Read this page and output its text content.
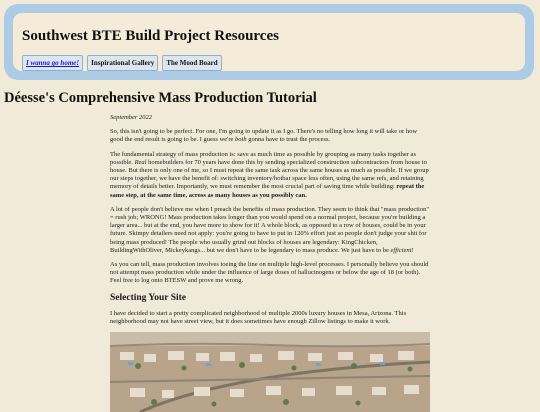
Southwest BTE Build Project Resources
I wanna go home!	Inspirational Gallery	The Mood Board
Déesse's Comprehensive Mass Production Tutorial

September 2022

So, this isn't going to be perfect. For one, I'm going to update it as I go. There's no telling how long it will take or how good the end result is going to be. I guess we're both gonna have to trust the process.

The fundamental strategy of mass production is: save as much time as possible by grouping as many tasks together as possible. Real homebuilders for 70 years have done this by sending specialized construction subcontractors from house to house. But there is only one of me, so I must repeat the same task across the same houses as much as possible. If we group our steps together, we have the benefit of: switching inventory/hotbar space less often, using the same refs, and retaining memory of details better. Importantly, we must remember the most crucial part of saving time while building: repeat the same step, at the same time, across as many houses as you possibly can.

A lot of people don't believe me when I preach the benefits of mass production. They seem to think that "mass production" = rush job; WRONG! Mass production takes longer than you would spend on a normal project, because you're building a larger area... but at the end, you have more to show for it! A whole block, as opposed to a row of houses, could be in your future. Skimpy detailers need not apply: you're going to have to put in 120% effort just so people don't judge your shit for being mass produced! The people who usually grind out blocks of houses are legendary: KingChicken, BuildingWithOliver, Mickeykangs... but we don't have to be legendary to mass produce. We just have to be efficient!

As you can tell, mass production involves toeing the line on multiple high-level processes. I personally believe you should not attempt mass production while under the influence of large doses of hallucinogens or below the age of 18 (or both). Feel free to log onto BTESW and prove me wrong.

Selecting Your Site

I have decided to start a pretty complicated neighborhood of multiple 2000s luxury houses in Mesa, Arizona. This neighborhood may not have street view, but it does sometimes have enough Zillow listings to make it work.
